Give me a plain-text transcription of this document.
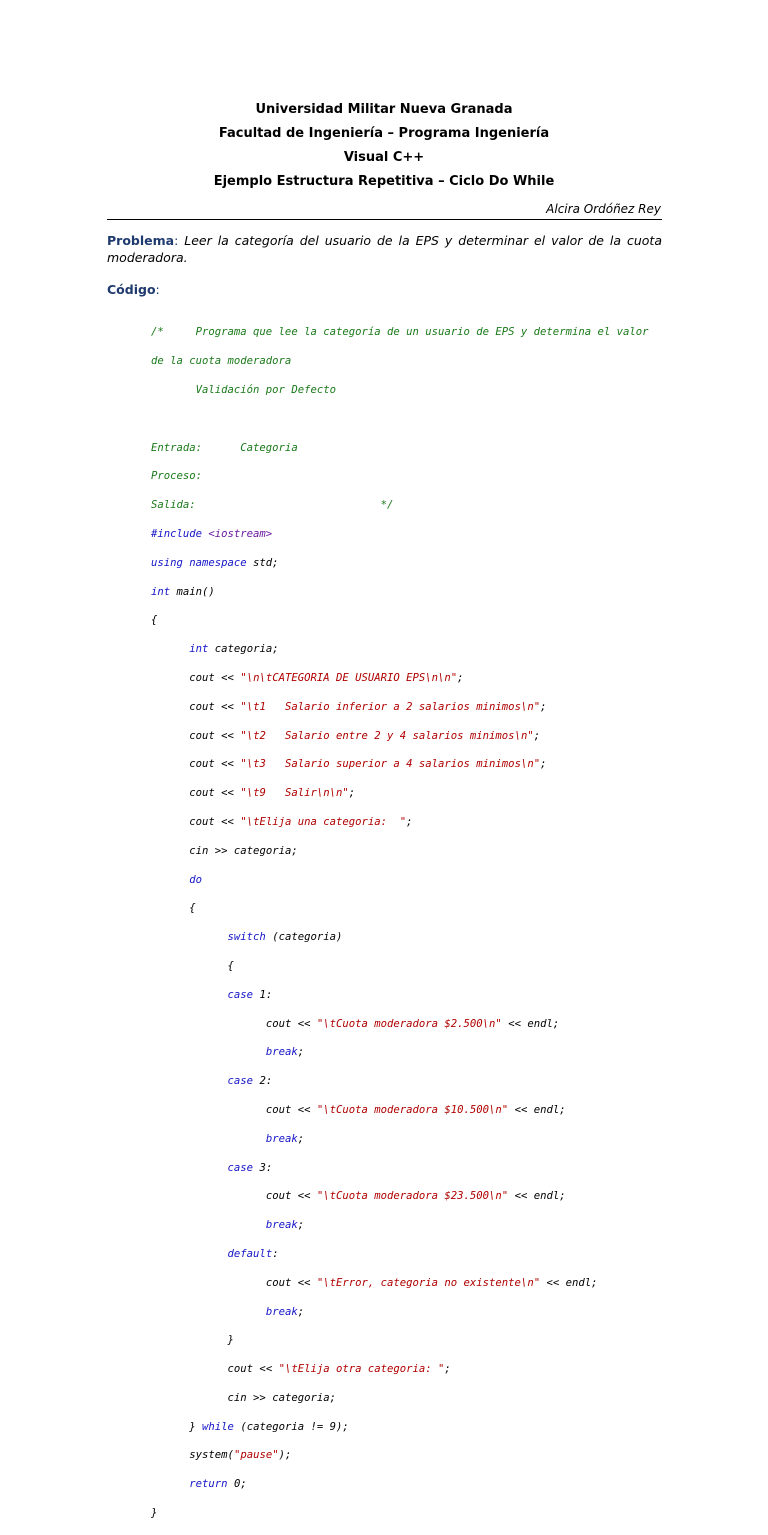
Universidad Militar Nueva Granada
Facultad de Ingeniería – Programa Ingeniería
Visual C++
Ejemplo Estructura Repetitiva – Ciclo Do While
Alcira Ordóñez Rey
Problema: Leer la categoría del usuario de la EPS y determinar el valor de la cuota moderadora.
Código:

/*     Programa que lee la categoría de un usuario de EPS y determina el valor

de la cuota moderadora

Validación por Defecto

Entrada:      Categoria

Proceso:

Salida:                             */

#include <iostream>

using namespace std;

int main()

{

int categoria;

cout << "\n\tCATEGORIA DE USUARIO EPS\n\n";

cout << "\t1   Salario inferior a 2 salarios minimos\n";

cout << "\t2   Salario entre 2 y 4 salarios minimos\n";

cout << "\t3   Salario superior a 4 salarios minimos\n";

cout << "\t9   Salir\n\n";

cout << "\tElija una categoria:  ";

cin >> categoria;

do

{

switch (categoria)

{

case 1:

cout << "\tCuota moderadora $2.500\n" << endl;

break;

case 2:

cout << "\tCuota moderadora $10.500\n" << endl;

break;

case 3:

cout << "\tCuota moderadora $23.500\n" << endl;

break;

default:

cout << "\tError, categoria no existente\n" << endl;

break;

}

cout << "\tElija otra categoria: ";

cin >> categoria;

} while (categoria != 9);

system("pause");

return 0;

}
